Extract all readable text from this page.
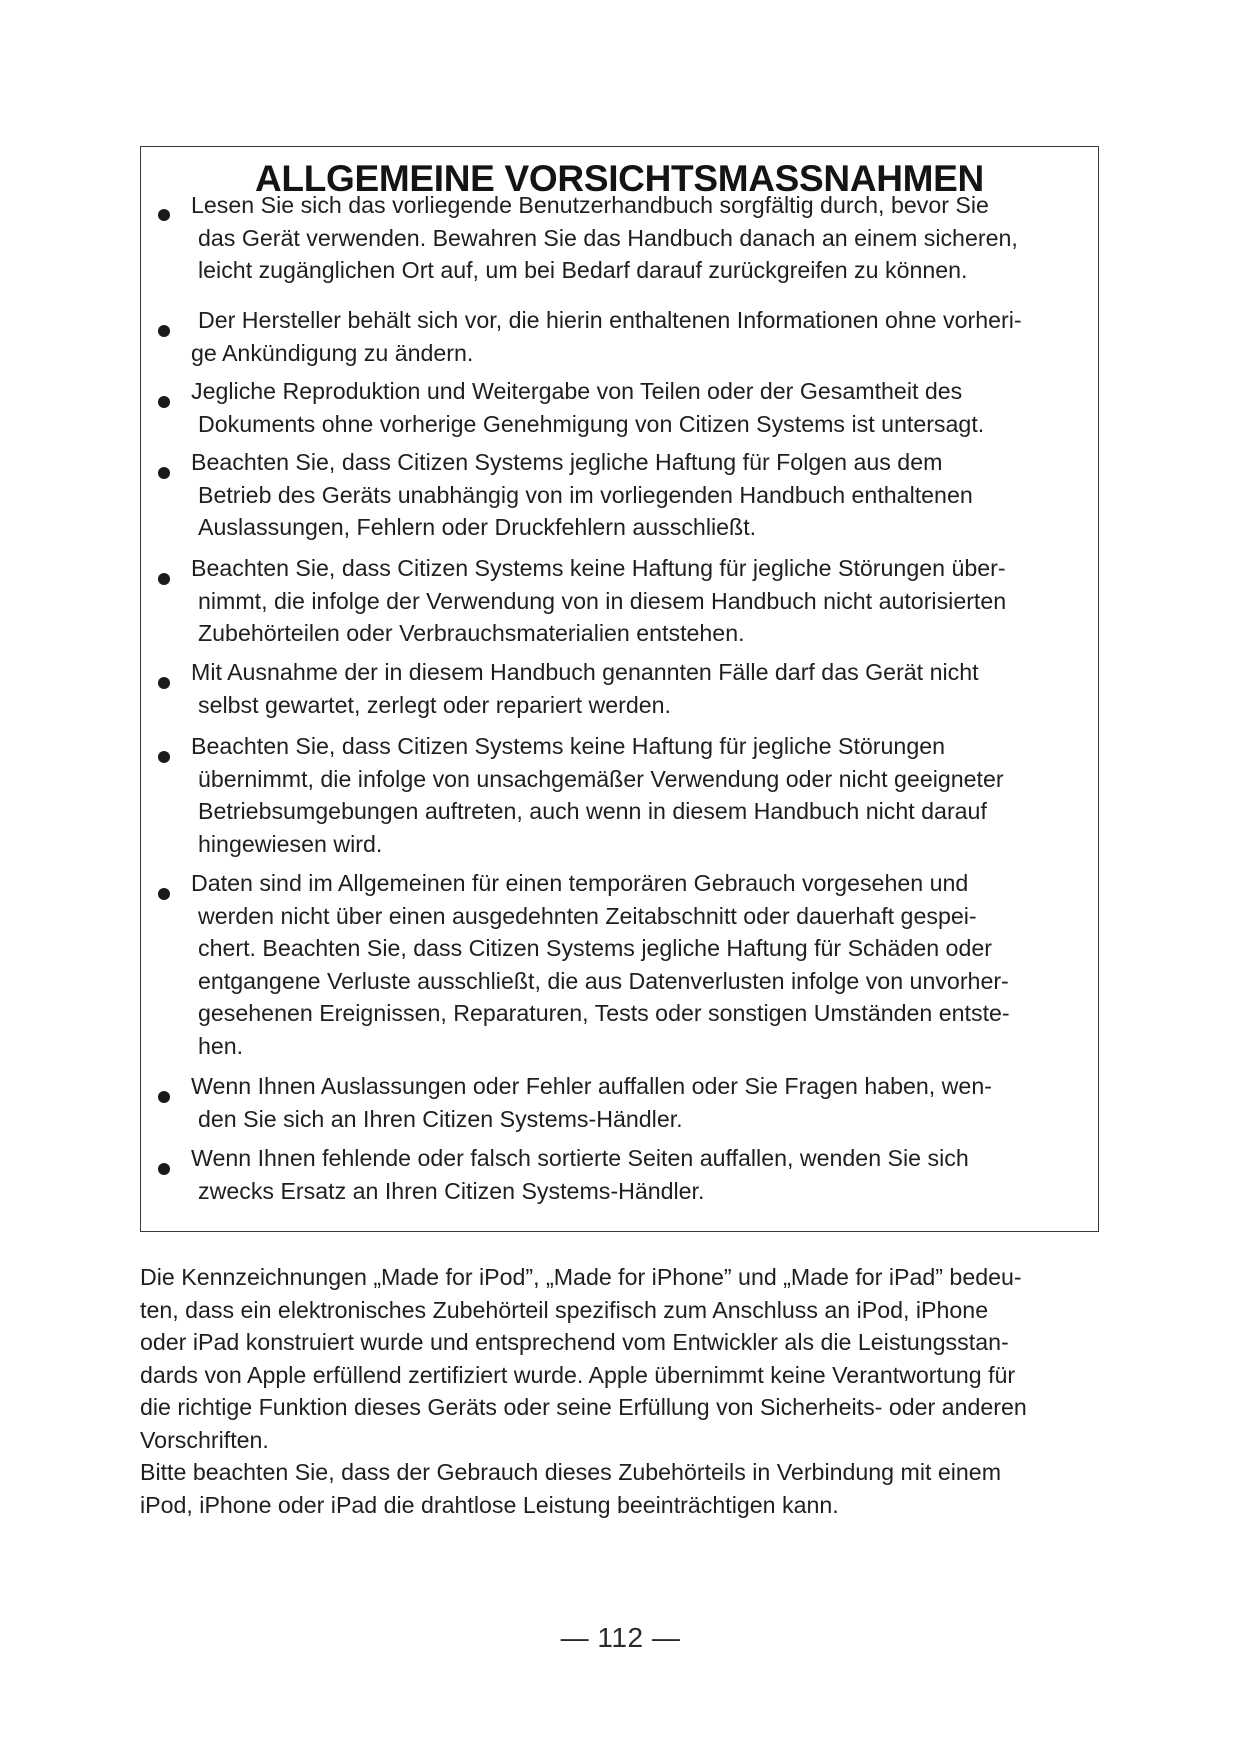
ALLGEMEINE VORSICHTSMASSNAHMEN
Lesen Sie sich das vorliegende Benutzerhandbuch sorgfältig durch, bevor Sie
das Gerät verwenden. Bewahren Sie das Handbuch danach an einem sicheren,
leicht zugänglichen Ort auf, um bei Bedarf darauf zurückgreifen zu können.
Der Hersteller behält sich vor, die hierin enthaltenen Informationen ohne vorheri-
ge Ankündigung zu ändern.
Jegliche Reproduktion und Weitergabe von Teilen oder der Gesamtheit des
Dokuments ohne vorherige Genehmigung von Citizen Systems ist untersagt.
Beachten Sie, dass Citizen Systems jegliche Haftung für Folgen aus dem
Betrieb des Geräts unabhängig von im vorliegenden Handbuch enthaltenen
Auslassungen, Fehlern oder Druckfehlern ausschließt.
Beachten Sie, dass Citizen Systems keine Haftung für jegliche Störungen über-
nimmt, die infolge der Verwendung von in diesem Handbuch nicht autorisierten
Zubehörteilen oder Verbrauchsmaterialien entstehen.
Mit Ausnahme der in diesem Handbuch genannten Fälle darf das Gerät nicht
selbst gewartet, zerlegt oder repariert werden.
Beachten Sie, dass Citizen Systems keine Haftung für jegliche Störungen
übernimmt, die infolge von unsachgemäßer Verwendung oder nicht geeigneter
Betriebsumgebungen auftreten, auch wenn in diesem Handbuch nicht darauf
hingewiesen wird.
Daten sind im Allgemeinen für einen temporären Gebrauch vorgesehen und
werden nicht über einen ausgedehnten Zeitabschnitt oder dauerhaft gespei-
chert. Beachten Sie, dass Citizen Systems jegliche Haftung für Schäden oder
entgangene Verluste ausschließt, die aus Datenverlusten infolge von unvorher-
gesehenen Ereignissen, Reparaturen, Tests oder sonstigen Umständen entste-
hen.
Wenn Ihnen Auslassungen oder Fehler auffallen oder Sie Fragen haben, wen-
den Sie sich an Ihren Citizen Systems-Händler.
Wenn Ihnen fehlende oder falsch sortierte Seiten auffallen, wenden Sie sich
zwecks Ersatz an Ihren Citizen Systems-Händler.

Die Kennzeichnungen „Made for iPod”, „Made for iPhone” und „Made for iPad” bedeu-
ten, dass ein elektronisches Zubehörteil spezifisch zum Anschluss an iPod, iPhone
oder iPad konstruiert wurde und entsprechend vom Entwickler als die Leistungsstan-
dards von Apple erfüllend zertifiziert wurde. Apple übernimmt keine Verantwortung für
die richtige Funktion dieses Geräts oder seine Erfüllung von Sicherheits- oder anderen
Vorschriften.

Bitte beachten Sie, dass der Gebrauch dieses Zubehörteils in Verbindung mit einem
iPod, iPhone oder iPad die drahtlose Leistung beeinträchtigen kann.

— 112 —
